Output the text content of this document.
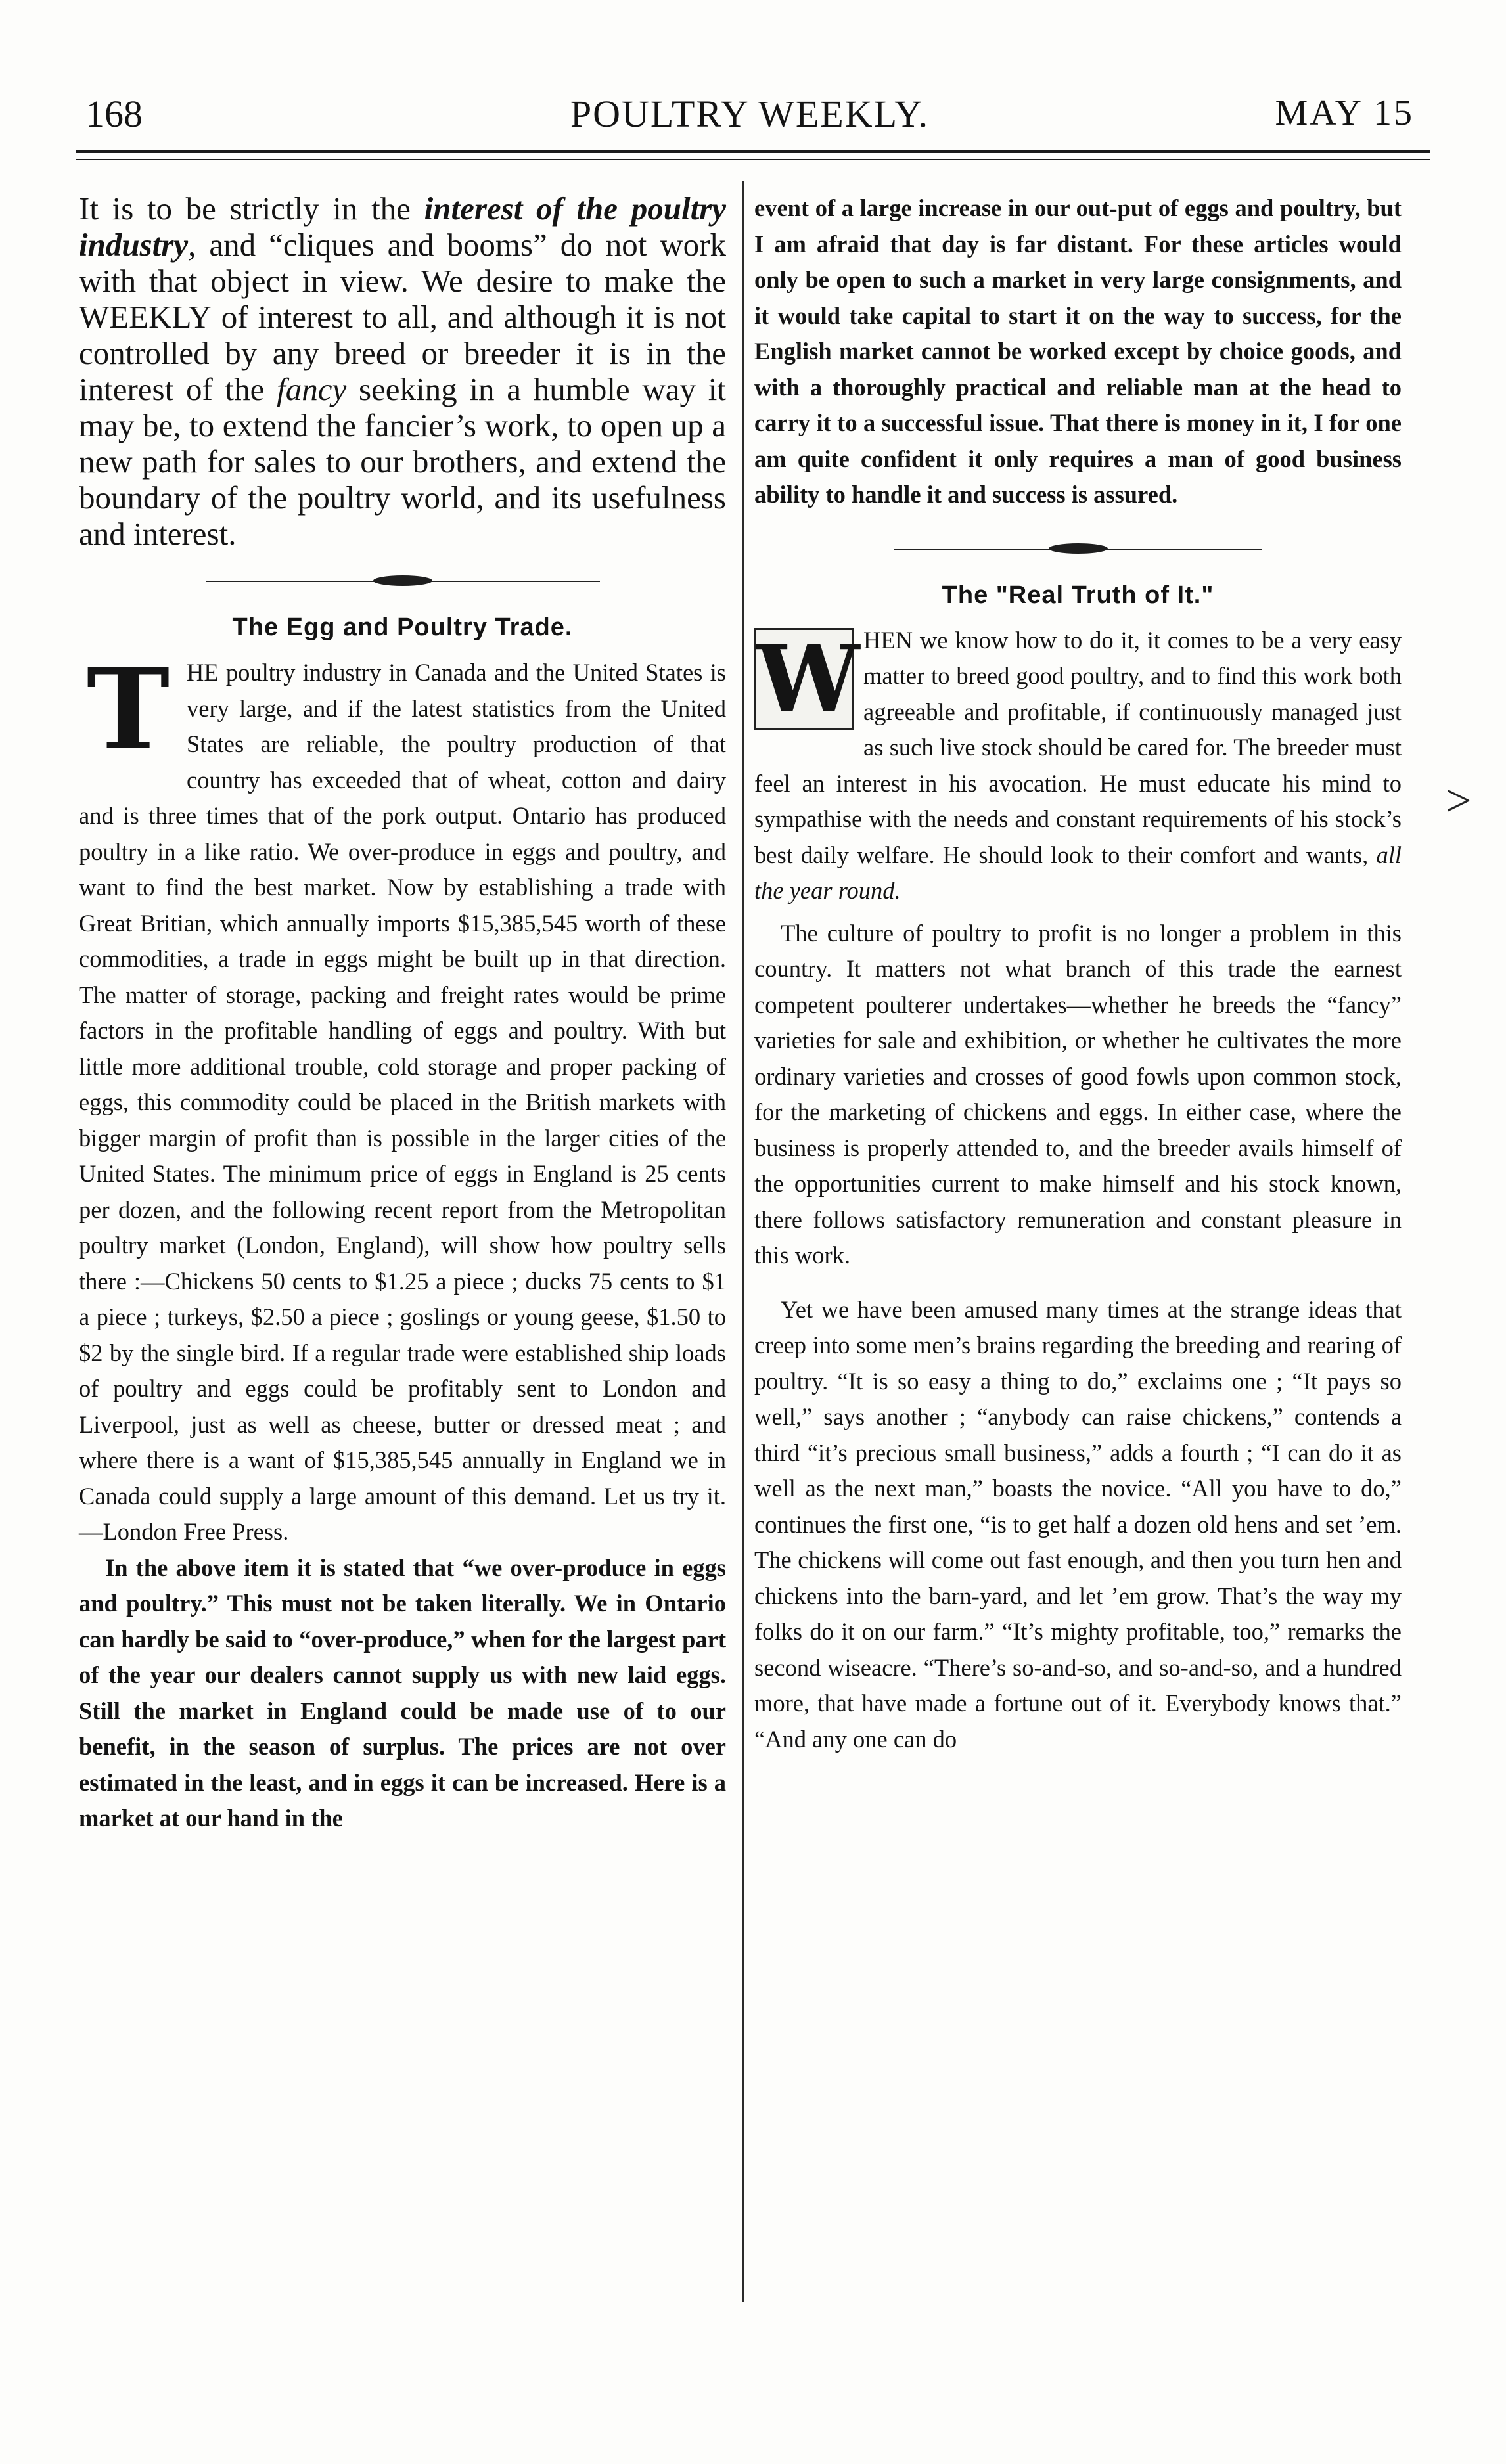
168	POULTRY WEEKLY.	MAY 15

It is to be strictly in the interest of the poultry industry, and “cliques and booms” do not work with that object in view. We desire to make the WEEKLY of interest to all, and although it is not controlled by any breed or breeder it is in the interest of the fancy seeking in a humble way it may be, to extend the fancier’s work, to open up a new path for sales to our brothers, and extend the boundary of the poultry world, and its usefulness and interest.

The Egg and Poultry Trade.

THE poultry industry in Canada and the United States is very large, and if the latest statistics from the United States are reliable, the poultry production of that country has exceeded that of wheat, cotton and dairy and is three times that of the pork output. Ontario has produced poultry in a like ratio. We over-produce in eggs and poultry, and want to find the best market. Now by establishing a trade with Great Britian, which annually imports $15,385,545 worth of these commodities, a trade in eggs might be built up in that direction. The matter of storage, packing and freight rates would be prime factors in the profitable handling of eggs and poultry. With but little more additional trouble, cold storage and proper packing of eggs, this commodity could be placed in the British markets with bigger margin of profit than is possible in the larger cities of the United States. The minimum price of eggs in England is 25 cents per dozen, and the following recent report from the Metropolitan poultry market (London, England), will show how poultry sells there :—Chickens 50 cents to $1.25 a piece ; ducks 75 cents to $1 a piece ; turkeys, $2.50 a piece ; goslings or young geese, $1.50 to $2 by the single bird. If a regular trade were established ship loads of poultry and eggs could be profitably sent to London and Liverpool, just as well as cheese, butter or dressed meat ; and where there is a want of $15,385,545 annually in England we in Canada could supply a large amount of this demand. Let us try it.—London Free Press.

In the above item it is stated that “we over-produce in eggs and poultry.” This must not be taken literally. We in Ontario can hardly be said to “over-produce,” when for the largest part of the year our dealers cannot supply us with new laid eggs. Still the market in England could be made use of to our benefit, in the season of surplus. The prices are not over estimated in the least, and in eggs it can be increased. Here is a market at our hand in the

event of a large increase in our out-put of eggs and poultry, but I am afraid that day is far distant. For these articles would only be open to such a market in very large consignments, and it would take capital to start it on the way to success, for the English market cannot be worked except by choice goods, and with a thoroughly practical and reliable man at the head to carry it to a successful issue. That there is money in it, I for one am quite confident it only requires a man of good business ability to handle it and success is assured.

The "Real Truth of It."

W HEN we know how to do it, it comes to be a very easy matter to breed good poultry, and to find this work both agreeable and profitable, if continuously managed just as such live stock should be cared for. The breeder must feel an interest in his avocation. He must educate his mind to sympathise with the needs and constant requirements of his stock’s best daily welfare. He should look to their comfort and wants, all the year round.

The culture of poultry to profit is no longer a problem in this country. It matters not what branch of this trade the earnest competent poulterer undertakes—whether he breeds the “fancy” varieties for sale and exhibition, or whether he cultivates the more ordinary varieties and crosses of good fowls upon common stock, for the marketing of chickens and eggs. In either case, where the business is properly attended to, and the breeder avails himself of the opportunities current to make himself and his stock known, there follows satisfactory remuneration and constant pleasure in this work.

Yet we have been amused many times at the strange ideas that creep into some men’s brains regarding the breeding and rearing of poultry. “It is so easy a thing to do,” exclaims one ; “It pays so well,” says another ; “anybody can raise chickens,” contends a third “it’s precious small business,” adds a fourth ; “I can do it as well as the next man,” boasts the novice. “All you have to do,” continues the first one, “is to get half a dozen old hens and set ’em. The chickens will come out fast enough, and then you turn hen and chickens into the barn-yard, and let ’em grow. That’s the way my folks do it on our farm.” “It’s mighty profitable, too,” remarks the second wiseacre. “There’s so-and-so, and so-and-so, and a hundred more, that have made a fortune out of it. Everybody knows that.” “And any one can do

>
